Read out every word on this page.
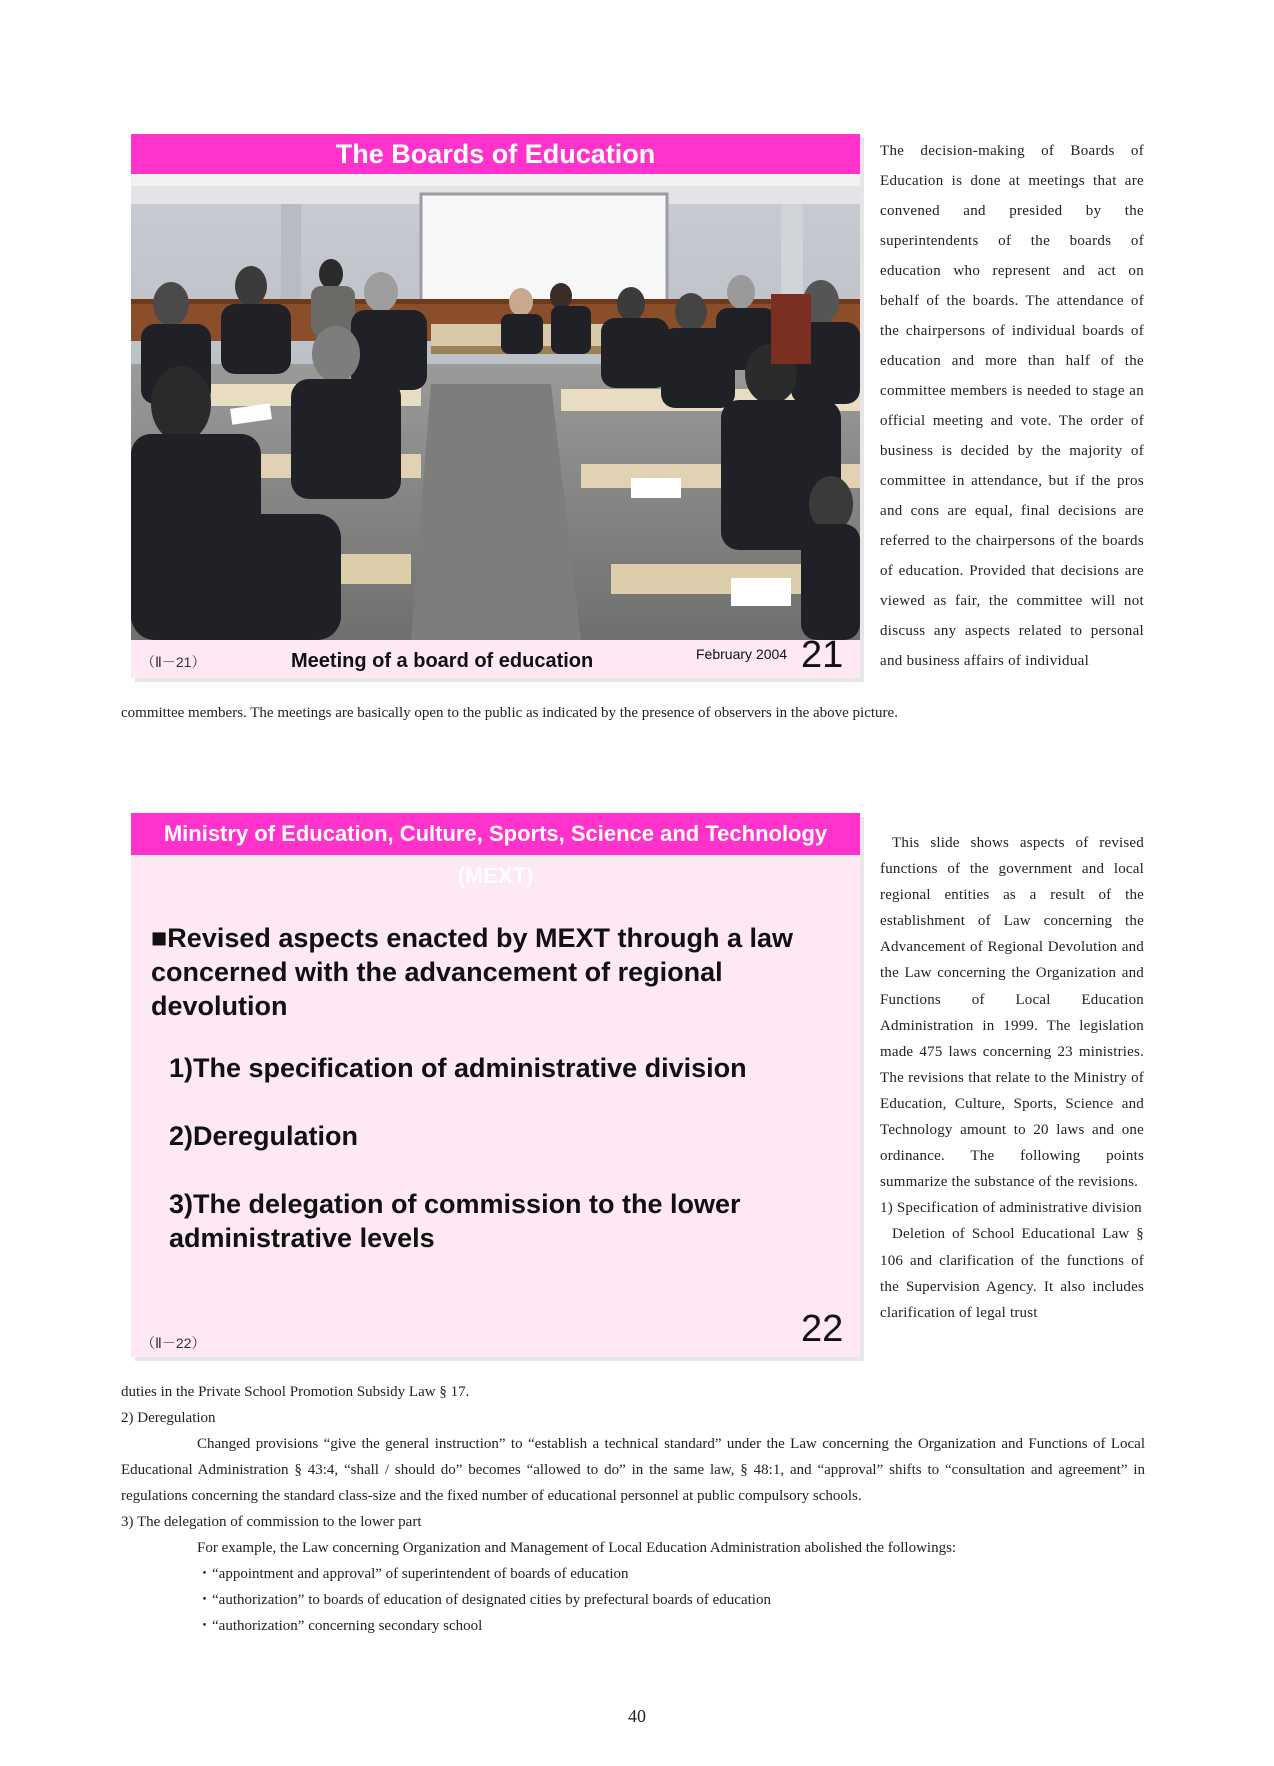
The Boards of Education
（Ⅱ－21）	Meeting of a board of education	February 2004 21
The decision-making of Boards of Education is done at meetings that are convened and presided by the superintendents of the boards of education who represent and act on behalf of the boards. The attendance of the chairpersons of individual boards of education and more than half of the committee members is needed to stage an official meeting and vote. The order of business is decided by the majority of committee in attendance, but if the pros and cons are equal, final decisions are referred to the chairpersons of the boards of education. Provided that decisions are viewed as fair, the committee will not discuss any aspects related to personal and business affairs of individual
committee members. The meetings are basically open to the public as indicated by the presence of observers in the above picture.
Ministry of Education, Culture, Sports, Science and Technology (MEXT)
■Revised aspects enacted by MEXT through a law concerned with the advancement of regional devolution
1)The specification of administrative division
2)Deregulation
3)The delegation of commission to the lower administrative levels
（Ⅱ－22）	22
This slide shows aspects of revised functions of the government and local regional entities as a result of the establishment of Law concerning the Advancement of Regional Devolution and the Law concerning the Organization and Functions of Local Education Administration in 1999. The legislation made 475 laws concerning 23 ministries. The revisions that relate to the Ministry of Education, Culture, Sports, Science and Technology amount to 20 laws and one ordinance. The following points summarize the substance of the revisions.
1) Specification of administrative division
Deletion of School Educational Law § 106 and clarification of the functions of the Supervision Agency. It also includes clarification of legal trust

duties in the Private School Promotion Subsidy Law § 17.

2) Deregulation

Changed provisions “give the general instruction” to “establish a technical standard” under the Law concerning the Organization and Functions of Local Educational Administration § 43:4, “shall / should do” becomes “allowed to do” in the same law, § 48:1, and “approval” shifts to “consultation and agreement” in regulations concerning the standard class-size and the fixed number of educational personnel at public compulsory schools.

3) The delegation of commission to the lower part

For example, the Law concerning Organization and Management of Local Education Administration abolished the followings:

・“appointment and approval” of superintendent of boards of education

・“authorization” to boards of education of designated cities by prefectural boards of education

・“authorization” concerning secondary school

40
